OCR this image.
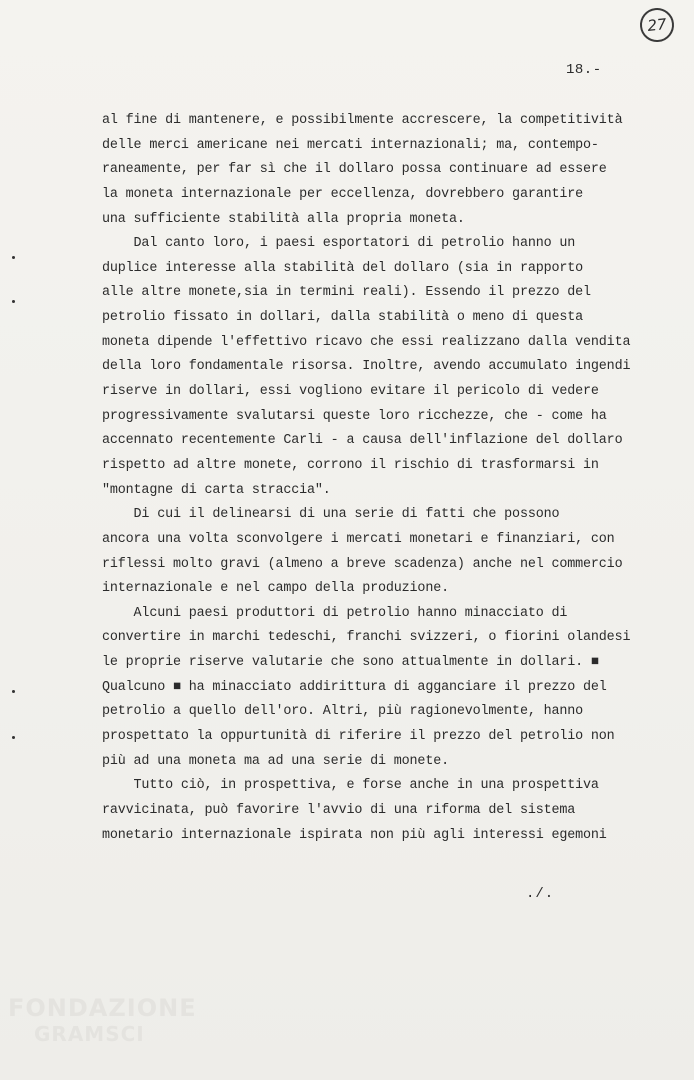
27
18.-
al fine di mantenere, e possibilmente accrescere, la competitività
delle merci americane nei mercati internazionali; ma, contempo-
raneamente, per far sì che il dollaro possa continuare ad essere
la moneta internazionale per eccellenza, dovrebbero garantire
una sufficiente stabilità alla propria moneta.
Dal canto loro, i paesi esportatori di petrolio hanno un
duplice interesse alla stabilità del dollaro (sia in rapporto
alle altre monete,sia in termini reali). Essendo il prezzo del
petrolio fissato in dollari, dalla stabilità o meno di questa
moneta dipende l'effettivo ricavo che essi realizzano dalla vendita
della loro fondamentale risorsa. Inoltre, avendo accumulato ingendi
riserve in dollari, essi vogliono evitare il pericolo di vedere
progressivamente svalutarsi queste loro ricchezze, che - come ha
accennato recentemente Carli - a causa dell'inflazione del dollaro
rispetto ad altre monete, corrono il rischio di trasformarsi in
"montagne di carta straccia".
Di cui il delinearsi di una serie di fatti che possono
ancora una volta sconvolgere i mercati monetari e finanziari, con
riflessi molto gravi (almeno a breve scadenza) anche nel commercio
internazionale e nel campo della produzione.
Alcuni paesi produttori di petrolio hanno minacciato di
convertire in marchi tedeschi, franchi svizzeri, o fiorini olandesi
le proprie riserve valutarie che sono attualmente in dollari. ■
Qualcuno ■ ha minacciato addirittura di agganciare il prezzo del
petrolio a quello dell'oro. Altri, più ragionevolmente, hanno
prospettato la oppurtunità di riferire il prezzo del petrolio non
più ad una moneta ma ad una serie di monete.
Tutto ciò, in prospettiva, e forse anche in una prospettiva
ravvicinata, può favorire l'avvio di una riforma del sistema
monetario internazionale ispirata non più agli interessi egemoni
./.
FONDAZIONE
GRAMSCI
